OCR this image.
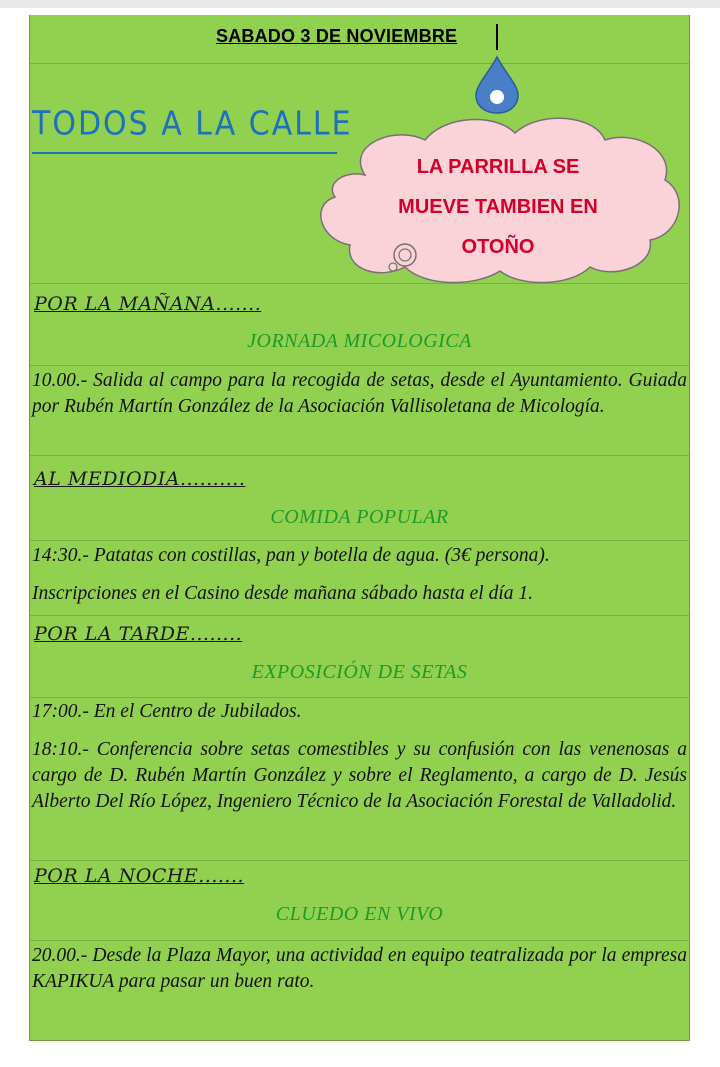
SABADO 3 DE NOVIEMBRE
TODOS A LA CALLE
LA PARRILLA SE
MUEVE TAMBIEN EN
OTOÑO
POR LA MAÑANA.......
JORNADA MICOLOGICA
10.00.- Salida al campo para la recogida de setas, desde el Ayuntamiento. Guiada por Rubén Martín González de la Asociación Vallisoletana de Micología.
AL MEDIODIA..........
COMIDA POPULAR
14:30.- Patatas con costillas, pan y botella de agua. (3€ persona).
Inscripciones en el Casino desde mañana sábado hasta el día 1.
POR LA TARDE........
EXPOSICIÓN DE SETAS
17:00.- En el Centro de Jubilados.
18:10.- Conferencia sobre setas comestibles y su confusión con las venenosas a cargo de D. Rubén Martín González y sobre el Reglamento, a cargo de D. Jesús Alberto Del Río López, Ingeniero Técnico de la Asociación Forestal de Valladolid.
POR LA NOCHE.......
CLUEDO EN VIVO
20.00.- Desde la Plaza Mayor, una actividad en equipo teatralizada por la empresa KAPIKUA para pasar un buen rato.
